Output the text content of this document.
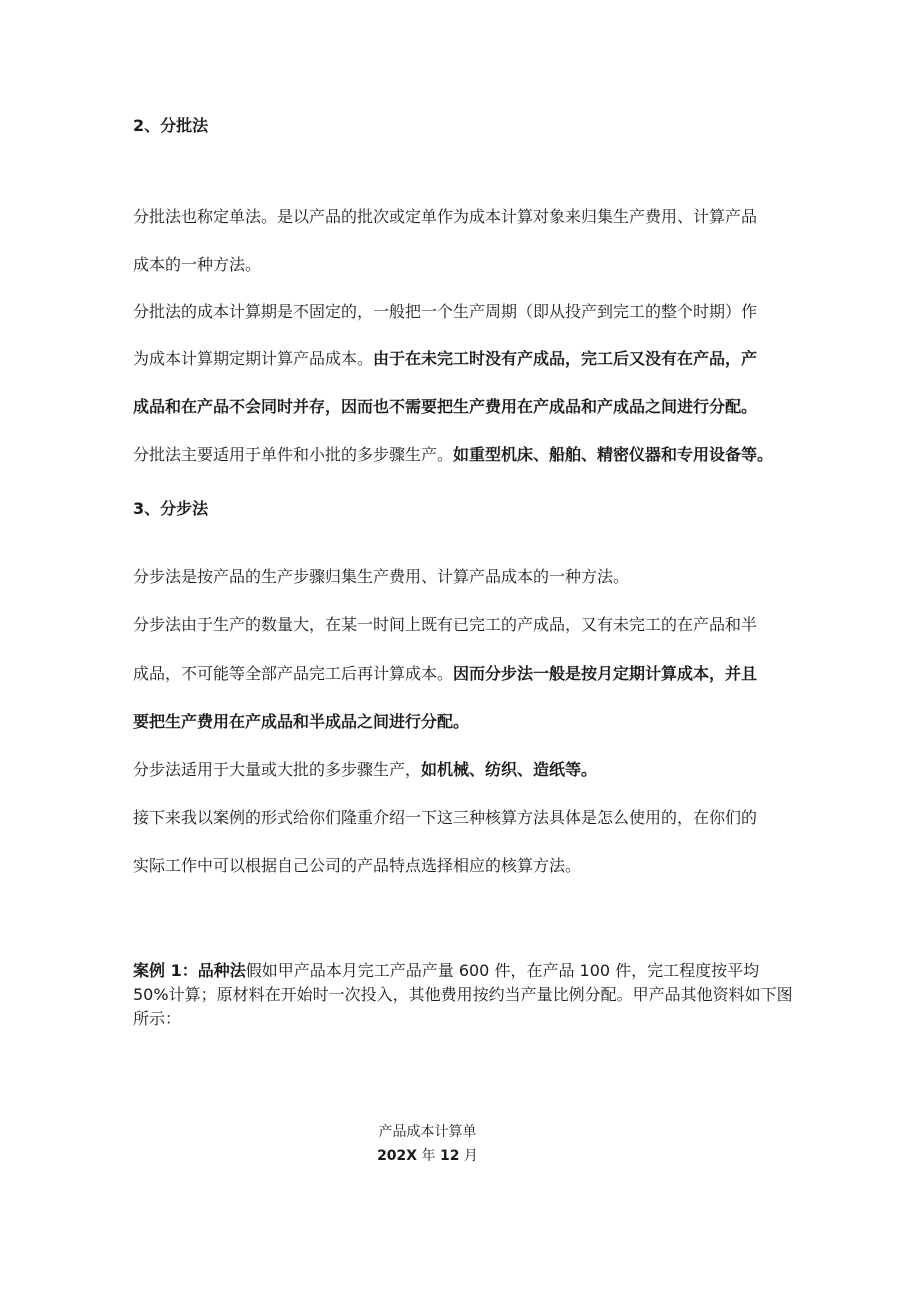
2、分批法
分批法也称定单法。是以产品的批次或定单作为成本计算对象来归集生产费用、计算产品
成本的一种方法。
分批法的成本计算期是不固定的，一般把一个生产周期（即从投产到完工的整个时期）作
为成本计算期定期计算产品成本。由于在未完工时没有产成品，完工后又没有在产品，产
成品和在产品不会同时并存，因而也不需要把生产费用在产成品和产成品之间进行分配。
分批法主要适用于单件和小批的多步骤生产。如重型机床、船舶、精密仪器和专用设备等。
3、分步法
分步法是按产品的生产步骤归集生产费用、计算产品成本的一种方法。
分步法由于生产的数量大，在某一时间上既有已完工的产成品，又有未完工的在产品和半
成品，不可能等全部产品完工后再计算成本。因而分步法一般是按月定期计算成本，并且
要把生产费用在产成品和半成品之间进行分配。
分步法适用于大量或大批的多步骤生产，如机械、纺织、造纸等。
接下来我以案例的形式给你们隆重介绍一下这三种核算方法具体是怎么使用的，在你们的
实际工作中可以根据自己公司的产品特点选择相应的核算方法。
案例 1：品种法假如甲产品本月完工产品产量 600 件，在产品 100 件，完工程度按平均 50%计算；原材料在开始时一次投入，其他费用按约当产量比例分配。甲产品其他资料如下图所示：
产品成本计算单
202X 年 12 月
